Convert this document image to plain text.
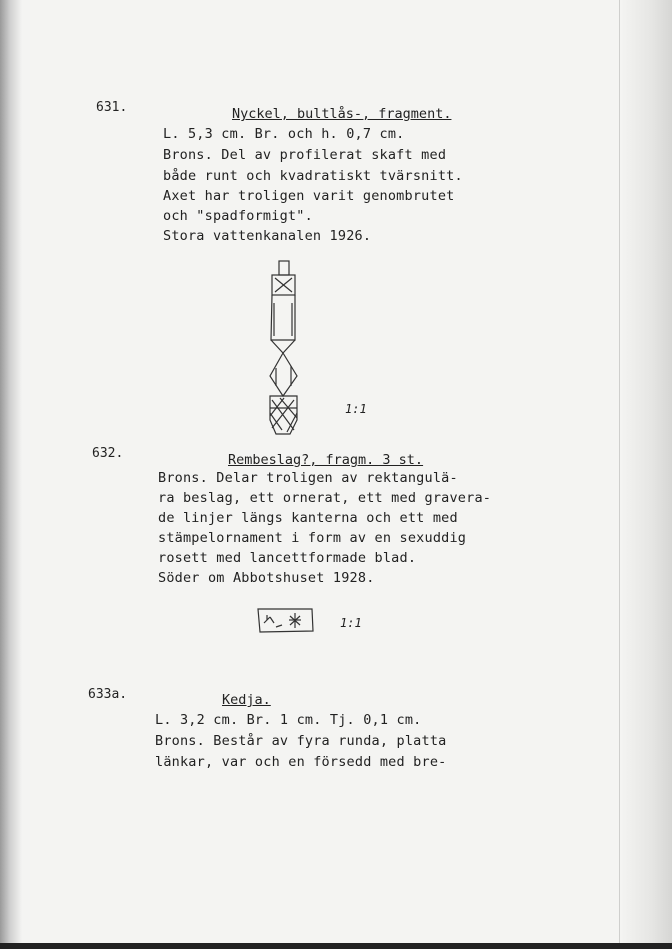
631.	Nyckel, bultlås-, fragment.
L. 5,3 cm. Br. och h. 0,7 cm.
Brons. Del av profilerat skaft med
både runt och kvadratiskt tvärsnitt.
Axet har troligen varit genombrutet
och "spadformigt".
Stora vattenkanalen 1926.
1:1
632.	Rembeslag?, fragm. 3 st.
Brons. Delar troligen av rektangulä-
ra beslag, ett ornerat, ett med gravera-
de linjer längs kanterna och ett med
stämpelornament i form av en sexuddig
rosett med lancettformade blad.
Söder om Abbotshuset 1928.
1:1
633a.	Kedja.
L. 3,2 cm. Br. 1 cm. Tj. 0,1 cm.
Brons. Består av fyra runda, platta
länkar, var och en försedd med bre-
